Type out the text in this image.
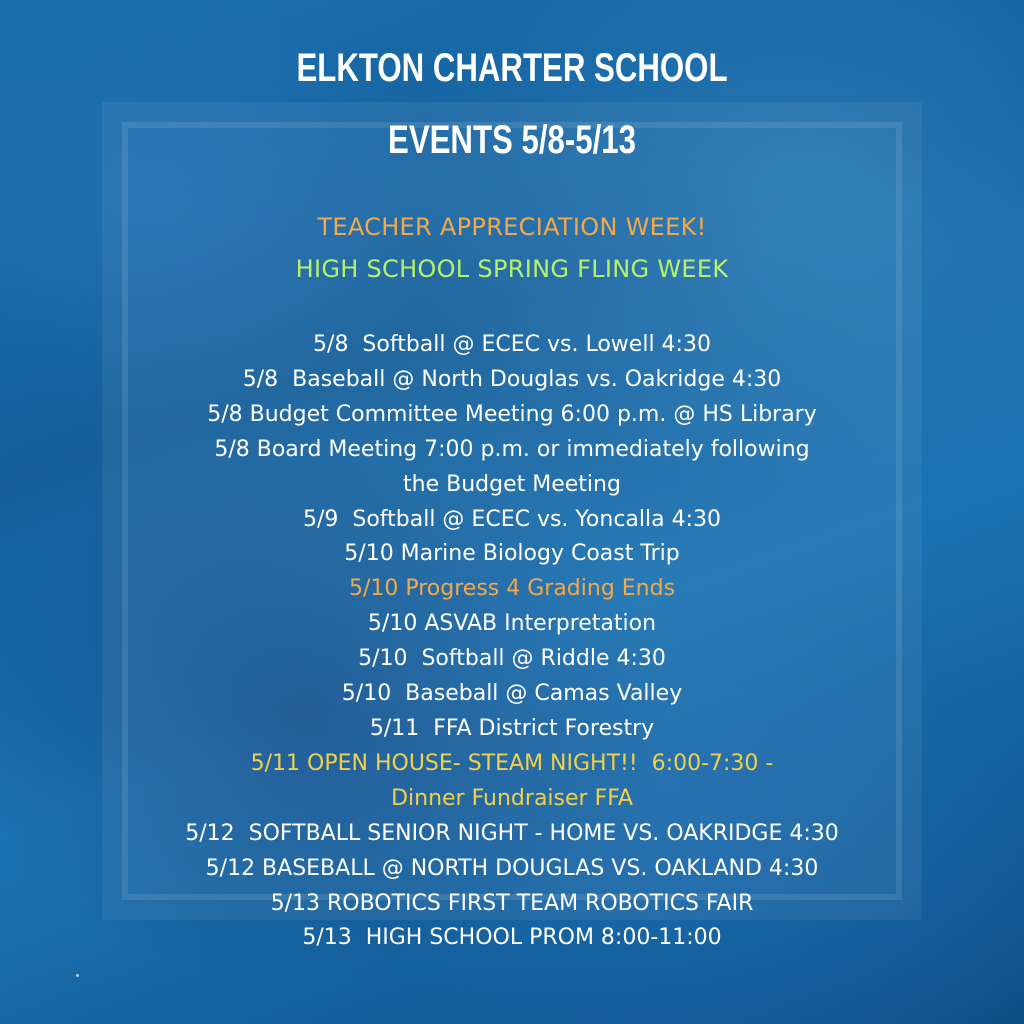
ELKTON CHARTER SCHOOL
EVENTS 5/8-5/13
TEACHER APPRECIATION WEEK!
HIGH SCHOOL SPRING FLING WEEK
5/8  Softball @ ECEC vs. Lowell 4:30
5/8  Baseball @ North Douglas vs. Oakridge 4:30
5/8 Budget Committee Meeting 6:00 p.m. @ HS Library
5/8 Board Meeting 7:00 p.m. or immediately following
the Budget Meeting
5/9  Softball @ ECEC vs. Yoncalla 4:30
5/10 Marine Biology Coast Trip
5/10 Progress 4 Grading Ends
5/10 ASVAB Interpretation
5/10  Softball @ Riddle 4:30
5/10  Baseball @ Camas Valley
5/11  FFA District Forestry
5/11 OPEN HOUSE- STEAM NIGHT!!  6:00-7:30 -
Dinner Fundraiser FFA
5/12  SOFTBALL SENIOR NIGHT - HOME VS. OAKRIDGE 4:30
5/12 BASEBALL @ NORTH DOUGLAS VS. OAKLAND 4:30
5/13 ROBOTICS FIRST TEAM ROBOTICS FAIR
5/13  HIGH SCHOOL PROM 8:00-11:00
